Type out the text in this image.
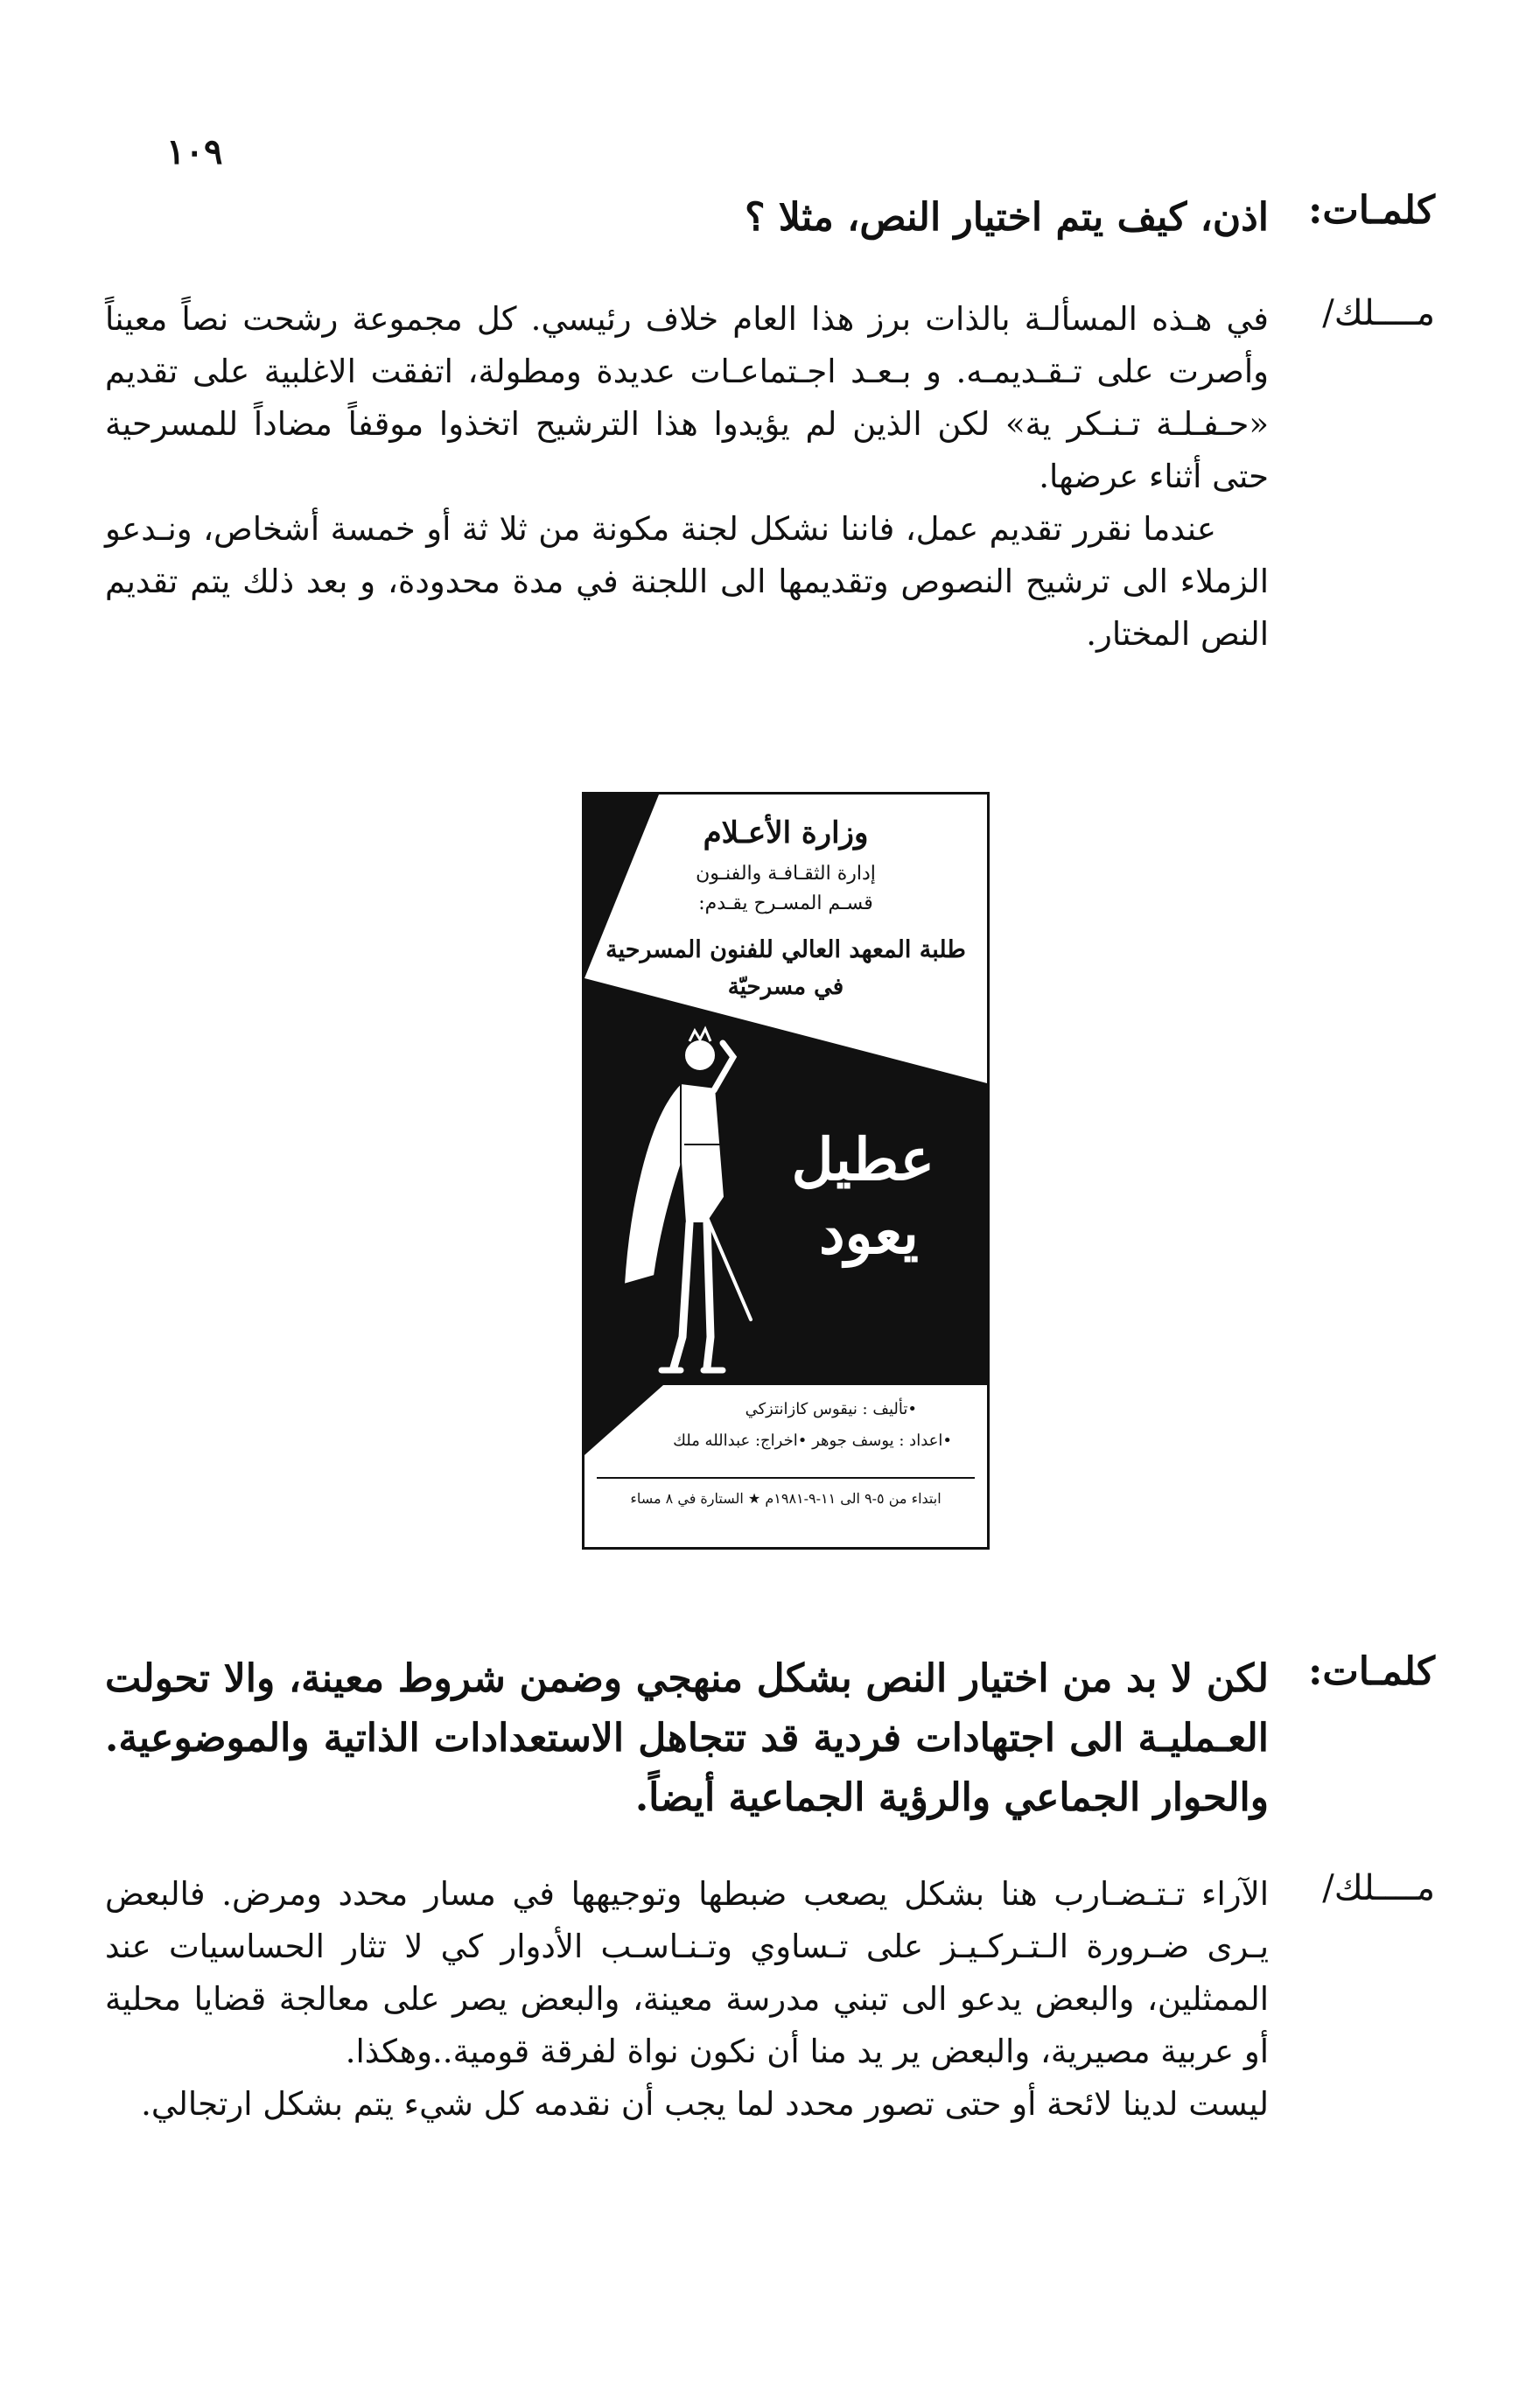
١٠٩
كلمـات:

اذن، كيف يتم اختيار النص، مثلا ؟

مــــلك/

في هـذه المسألـة بالذات برز هذا العام خلاف رئيسي. كل مجموعة رشحت نصاً معيناً وأصرت على تـقـديمـه. و بـعـد اجـتماعـات عديدة ومطولة، اتفقت الاغلبية على تقديم «حـفـلـة تـنـكر ية» لكن الذين لم يؤيدوا هذا الترشيح اتخذوا موقفاً مضاداً للمسرحية حتى أثناء عرضها.

عندما نقرر تقديم عمل، فاننا نشكل لجنة مكونة من ثلا ثة أو خمسة أشخاص، ونـدعو الزملاء الى ترشيح النصوص وتقديمها الى اللجنة في مدة محدودة، و بعد ذلك يتم تقديم النص المختار.

وزارة الأعـلام
إدارة الثقـافـة والفنـون
قسـم المسـرح يقـدم:
طلبة المعهد العالي للفنون المسرحية
في مسرحيّة
عطيل
يعود
•تأليف : نيقوس كازانتزكي
•اعداد : يوسف جوهر •اخراج: عبدالله ملك
ابتداء من ٥-٩ الى ١١-٩-١٩٨١م ★ الستارة في ٨ مساء
كلمـات:

لكن لا بد من اختيار النص بشكل منهجي وضمن شروط معينة، والا تحولت العـمليـة الى اجتهادات فردية قد تتجاهل الاستعدادات الذاتية والموضوعية. والحوار الجماعي والرؤية الجماعية أيضاً.

مــــلك/

الآراء تـتـضـارب هنا بشكل يصعب ضبطها وتوجيهها في مسار محدد ومرض. فالبعض يـرى ضـرورة الـتـركـيـز على تـساوي وتـنـاسـب الأدوار كي لا تثار الحساسيات عند الممثلين، والبعض يدعو الى تبني مدرسة معينة، والبعض يصر على معالجة قضايا محلية أو عربية مصيرية، والبعض ير يد منا أن نكون نواة لفرقة قومية..وهكذا.

ليست لدينا لائحة أو حتى تصور محدد لما يجب أن نقدمه كل شيء يتم بشكل ارتجالي.
